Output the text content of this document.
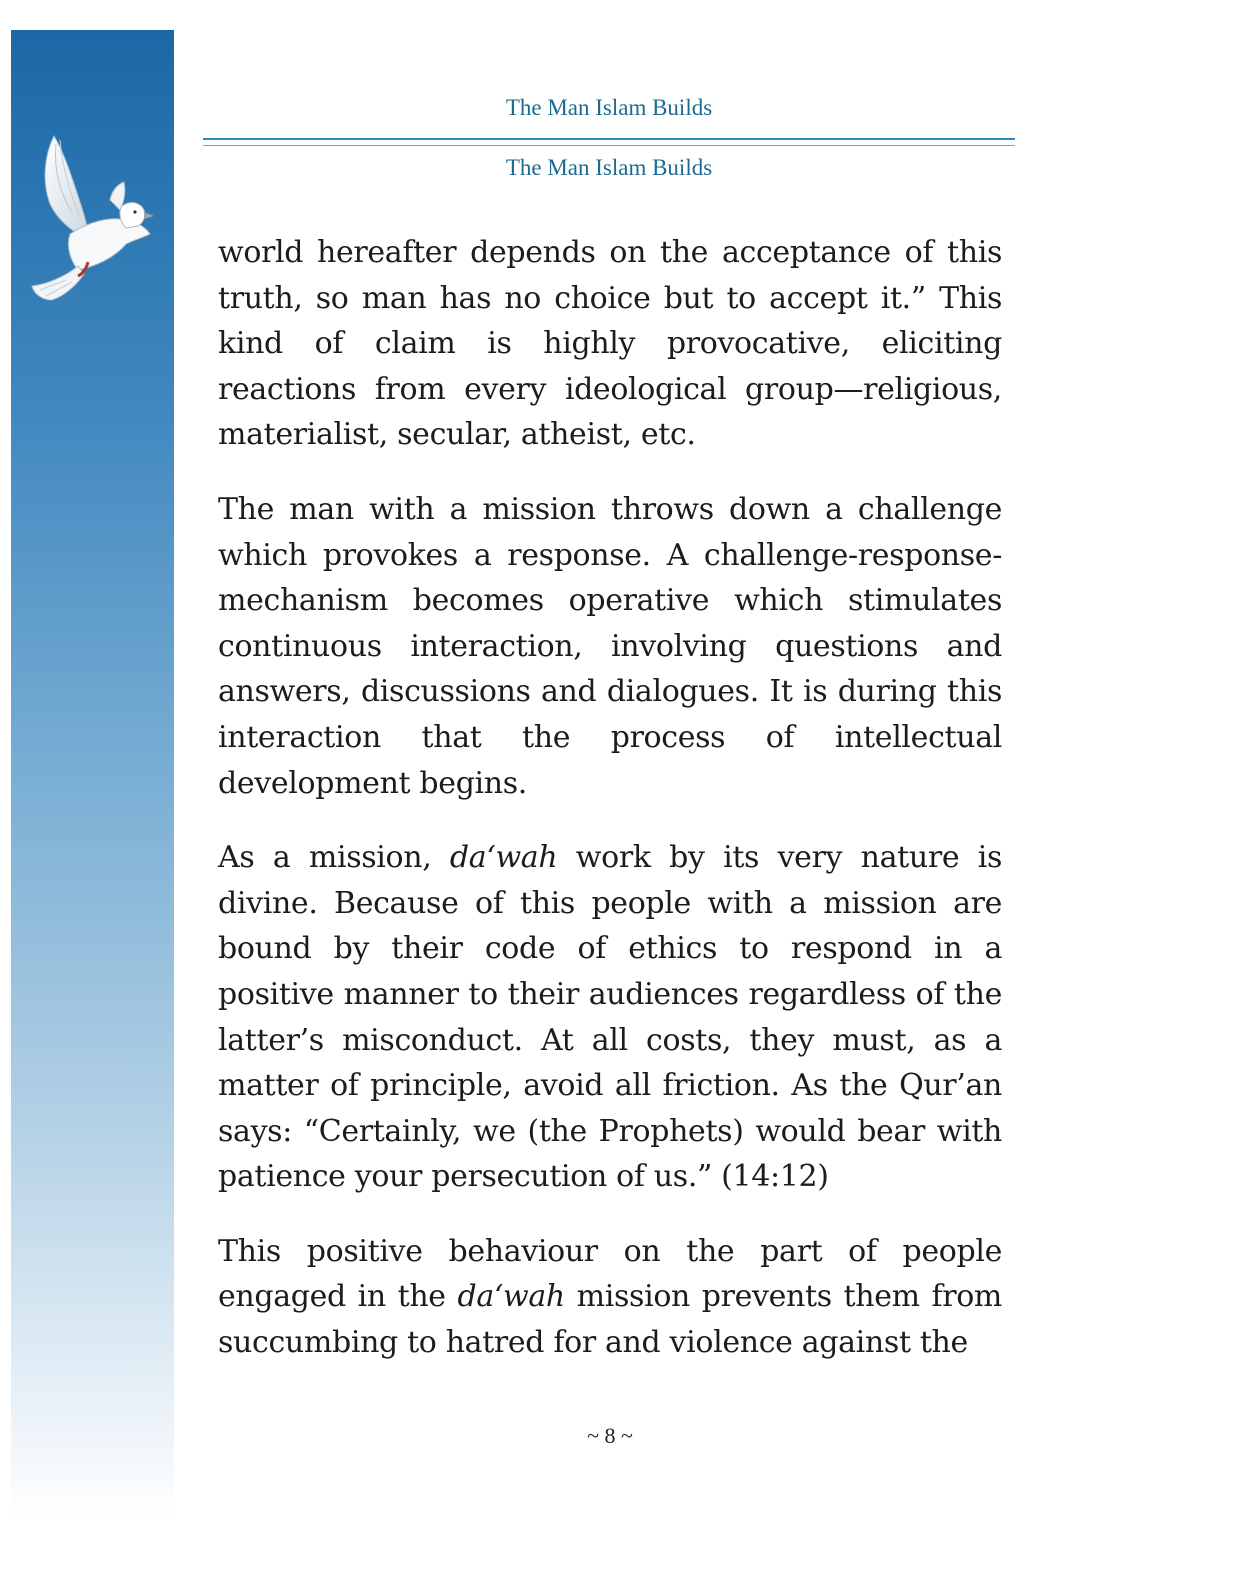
The Man Islam Builds
The Man Islam Builds

world hereafter depends on the acceptance of this truth, so man has no choice but to accept it.” This kind of claim is highly provocative, eliciting reactions from every ideological group—religious, materialist, secular, atheist, etc.

The man with a mission throws down a challenge which provokes a response. A challenge-response-mechanism becomes operative which stimulates continuous interaction, involving questions and answers, discussions and dialogues. It is during this interaction that the process of intellectual development begins.

As a mission, da‘wah work by its very nature is divine. Because of this people with a mission are bound by their code of ethics to respond in a positive manner to their audiences regardless of the latter’s misconduct. At all costs, they must, as a matter of principle, avoid all friction. As the Qur’an says: “Certainly, we (the Prophets) would bear with patience your persecution of us.” (14:12)

This positive behaviour on the part of people engaged in the da‘wah mission prevents them from succumbing to hatred for and violence against the

~ 8 ~
